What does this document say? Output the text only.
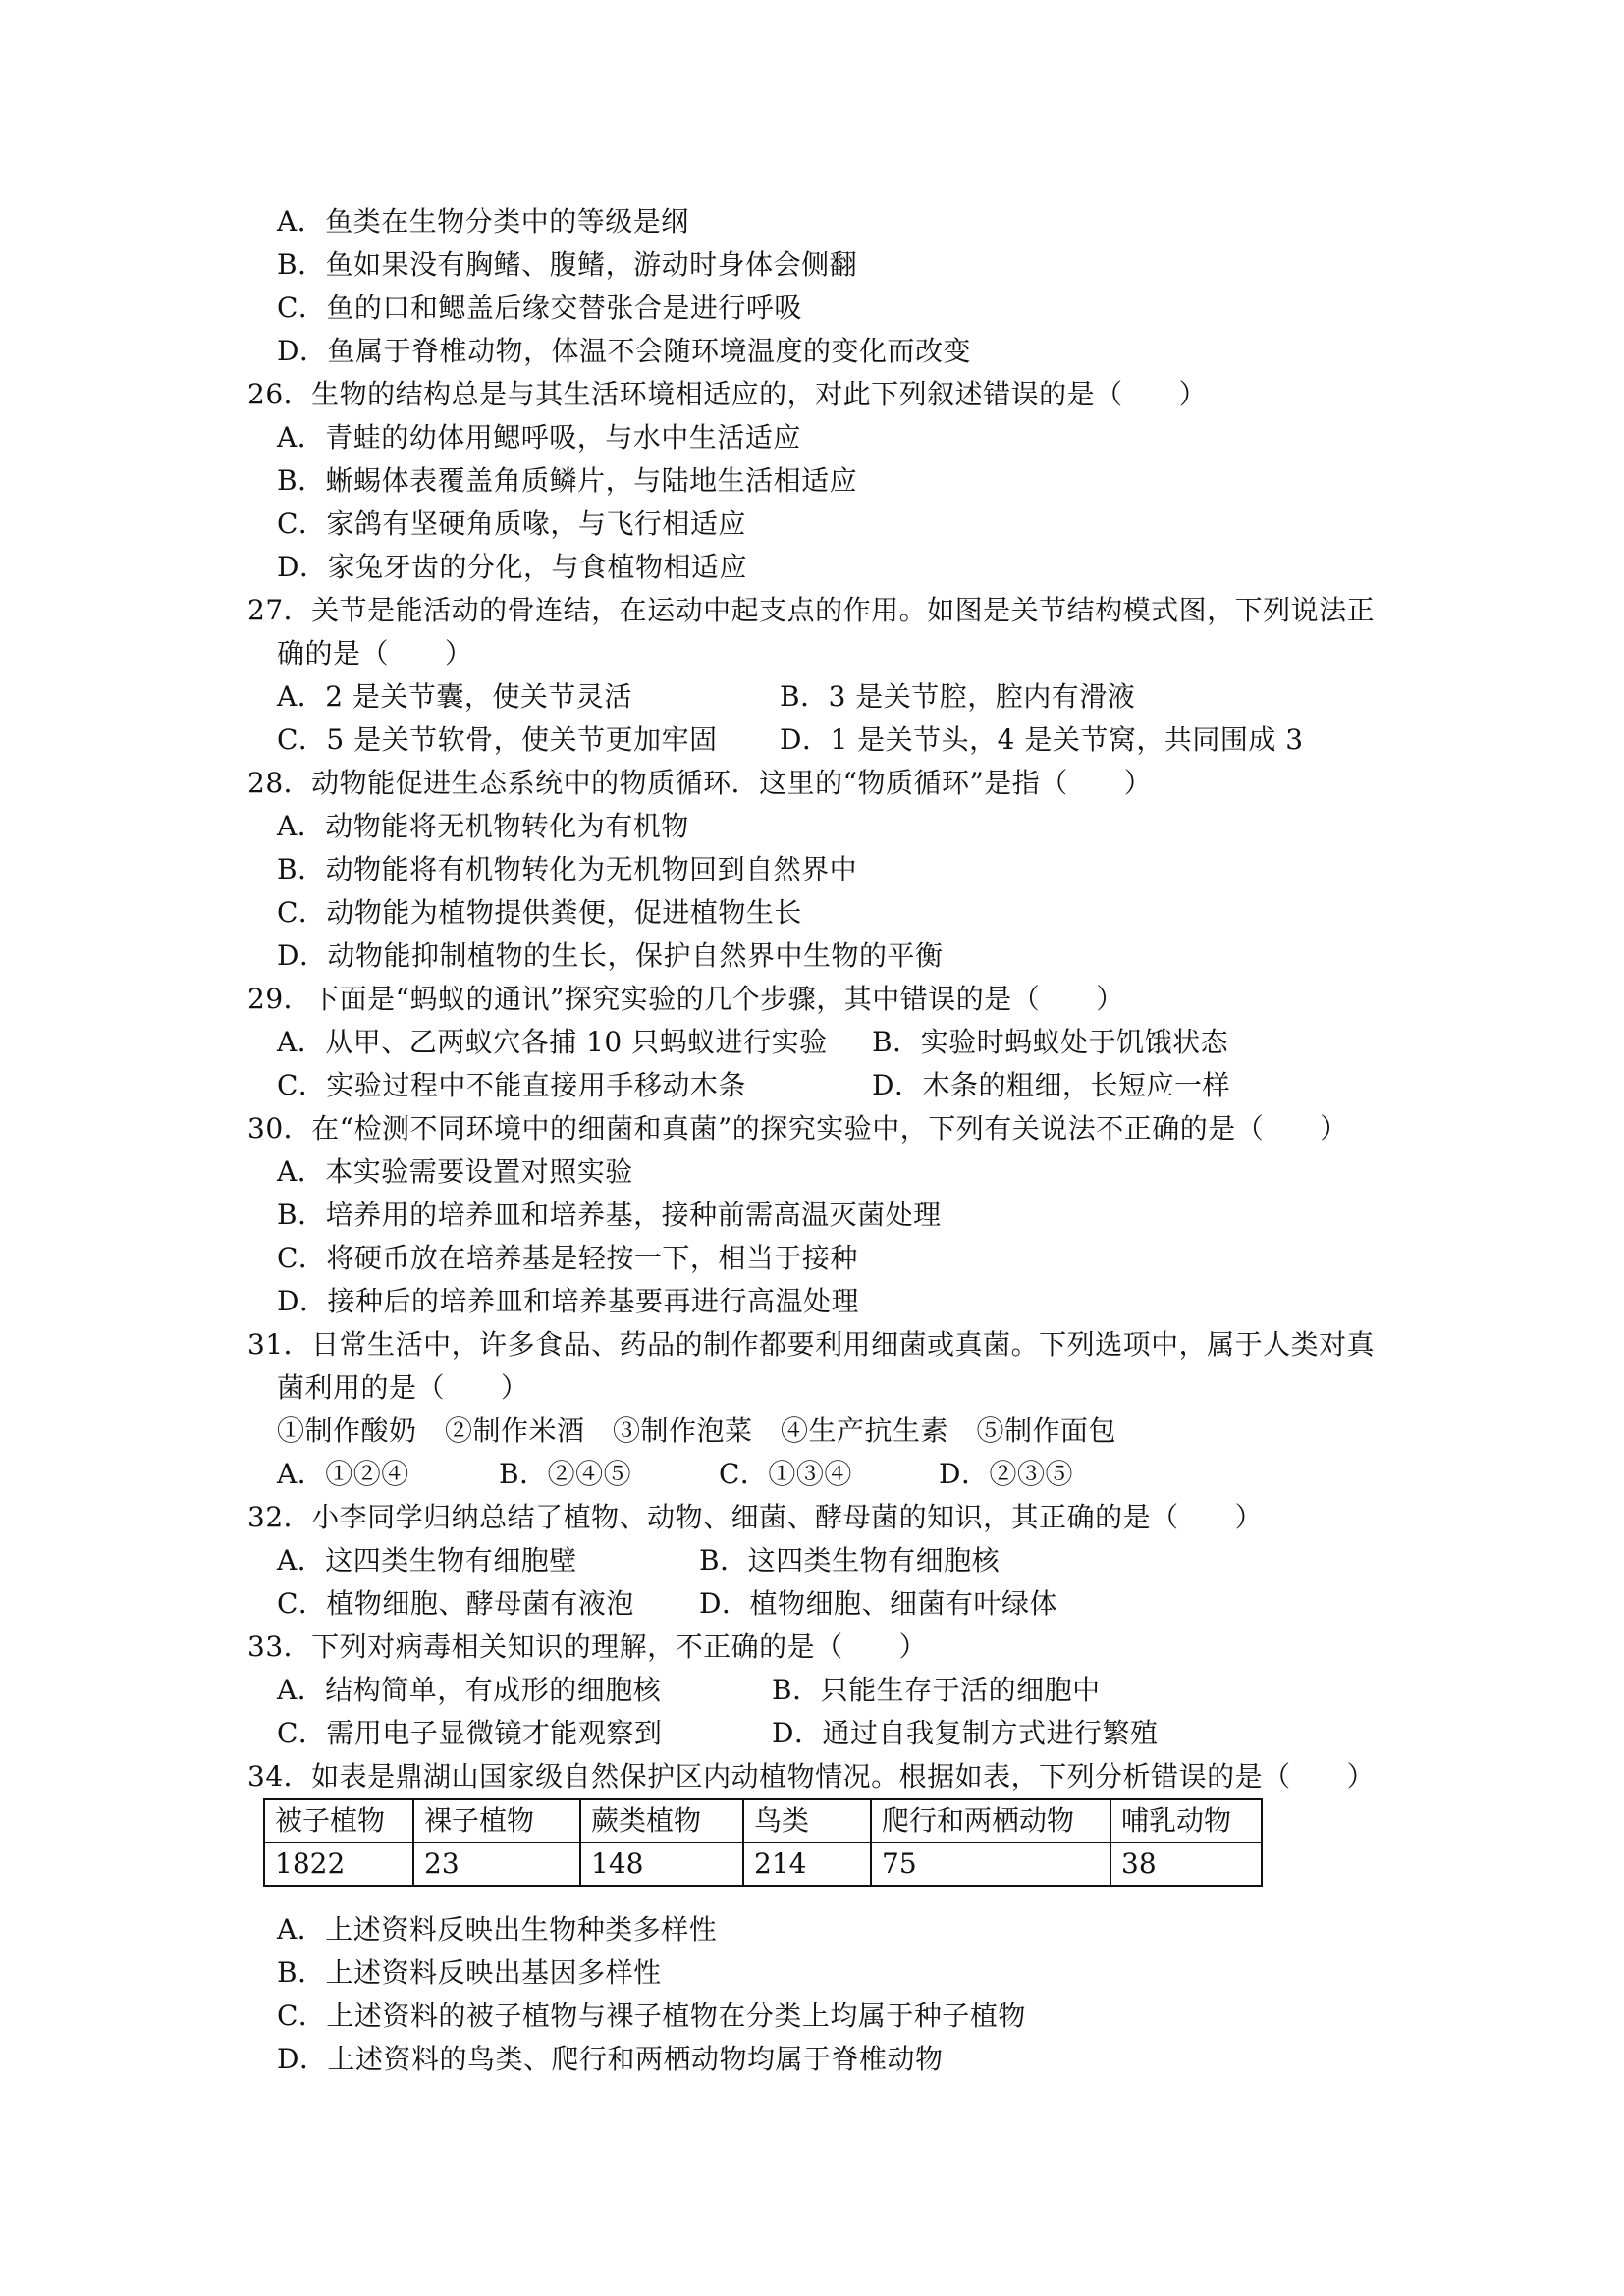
A．鱼类在生物分类中的等级是纲
B．鱼如果没有胸鳍、腹鳍，游动时身体会侧翻
C．鱼的口和鳃盖后缘交替张合是进行呼吸
D．鱼属于脊椎动物，体温不会随环境温度的变化而改变
26．生物的结构总是与其生活环境相适应的，对此下列叙述错误的是（　　）
A．青蛙的幼体用鳃呼吸，与水中生活适应
B．蜥蜴体表覆盖角质鳞片，与陆地生活相适应
C．家鸽有坚硬角质喙，与飞行相适应
D．家兔牙齿的分化，与食植物相适应
27．关节是能活动的骨连结，在运动中起支点的作用。如图是关节结构模式图，下列说法正
确的是（　　）
A．2 是关节囊，使关节灵活	B．3 是关节腔，腔内有滑液
C．5 是关节软骨，使关节更加牢固 D．1 是关节头，4 是关节窝，共同围成 3
28．动物能促进生态系统中的物质循环．这里的“物质循环”是指（　　）
A．动物能将无机物转化为有机物
B．动物能将有机物转化为无机物回到自然界中
C．动物能为植物提供粪便，促进植物生长
D．动物能抑制植物的生长，保护自然界中生物的平衡
29．下面是“蚂蚁的通讯”探究实验的几个步骤，其中错误的是（　　）
A．从甲、乙两蚁穴各捕 10 只蚂蚁进行实验 B．实验时蚂蚁处于饥饿状态
C．实验过程中不能直接用手移动木条	D．木条的粗细，长短应一样
30．在“检测不同环境中的细菌和真菌”的探究实验中，下列有关说法不正确的是（　　）
A．本实验需要设置对照实验
B．培养用的培养皿和培养基，接种前需高温灭菌处理
C．将硬币放在培养基是轻按一下，相当于接种
D．接种后的培养皿和培养基要再进行高温处理
31．日常生活中，许多食品、药品的制作都要利用细菌或真菌。下列选项中，属于人类对真
菌利用的是（　　）
①制作酸奶　②制作米酒　③制作泡菜　④生产抗生素　⑤制作面包
A．①②④	B．②④⑤	C．①③④	D．②③⑤
32．小李同学归纳总结了植物、动物、细菌、酵母菌的知识，其正确的是（　　）
A．这四类生物有细胞壁	B．这四类生物有细胞核
C．植物细胞、酵母菌有液泡 D．植物细胞、细菌有叶绿体
33．下列对病毒相关知识的理解，不正确的是（　　）
A．结构简单，有成形的细胞核	B．只能生存于活的细胞中
C．需用电子显微镜才能观察到	D．通过自我复制方式进行繁殖
34．如表是鼎湖山国家级自然保护区内动植物情况。根据如表，下列分析错误的是（　　）
被子植物	裸子植物	蕨类植物	鸟类	爬行和两栖动物	哺乳动物
1822	23	148	214	75	38
A．上述资料反映出生物种类多样性
B．上述资料反映出基因多样性
C．上述资料的被子植物与裸子植物在分类上均属于种子植物
D．上述资料的鸟类、爬行和两栖动物均属于脊椎动物
